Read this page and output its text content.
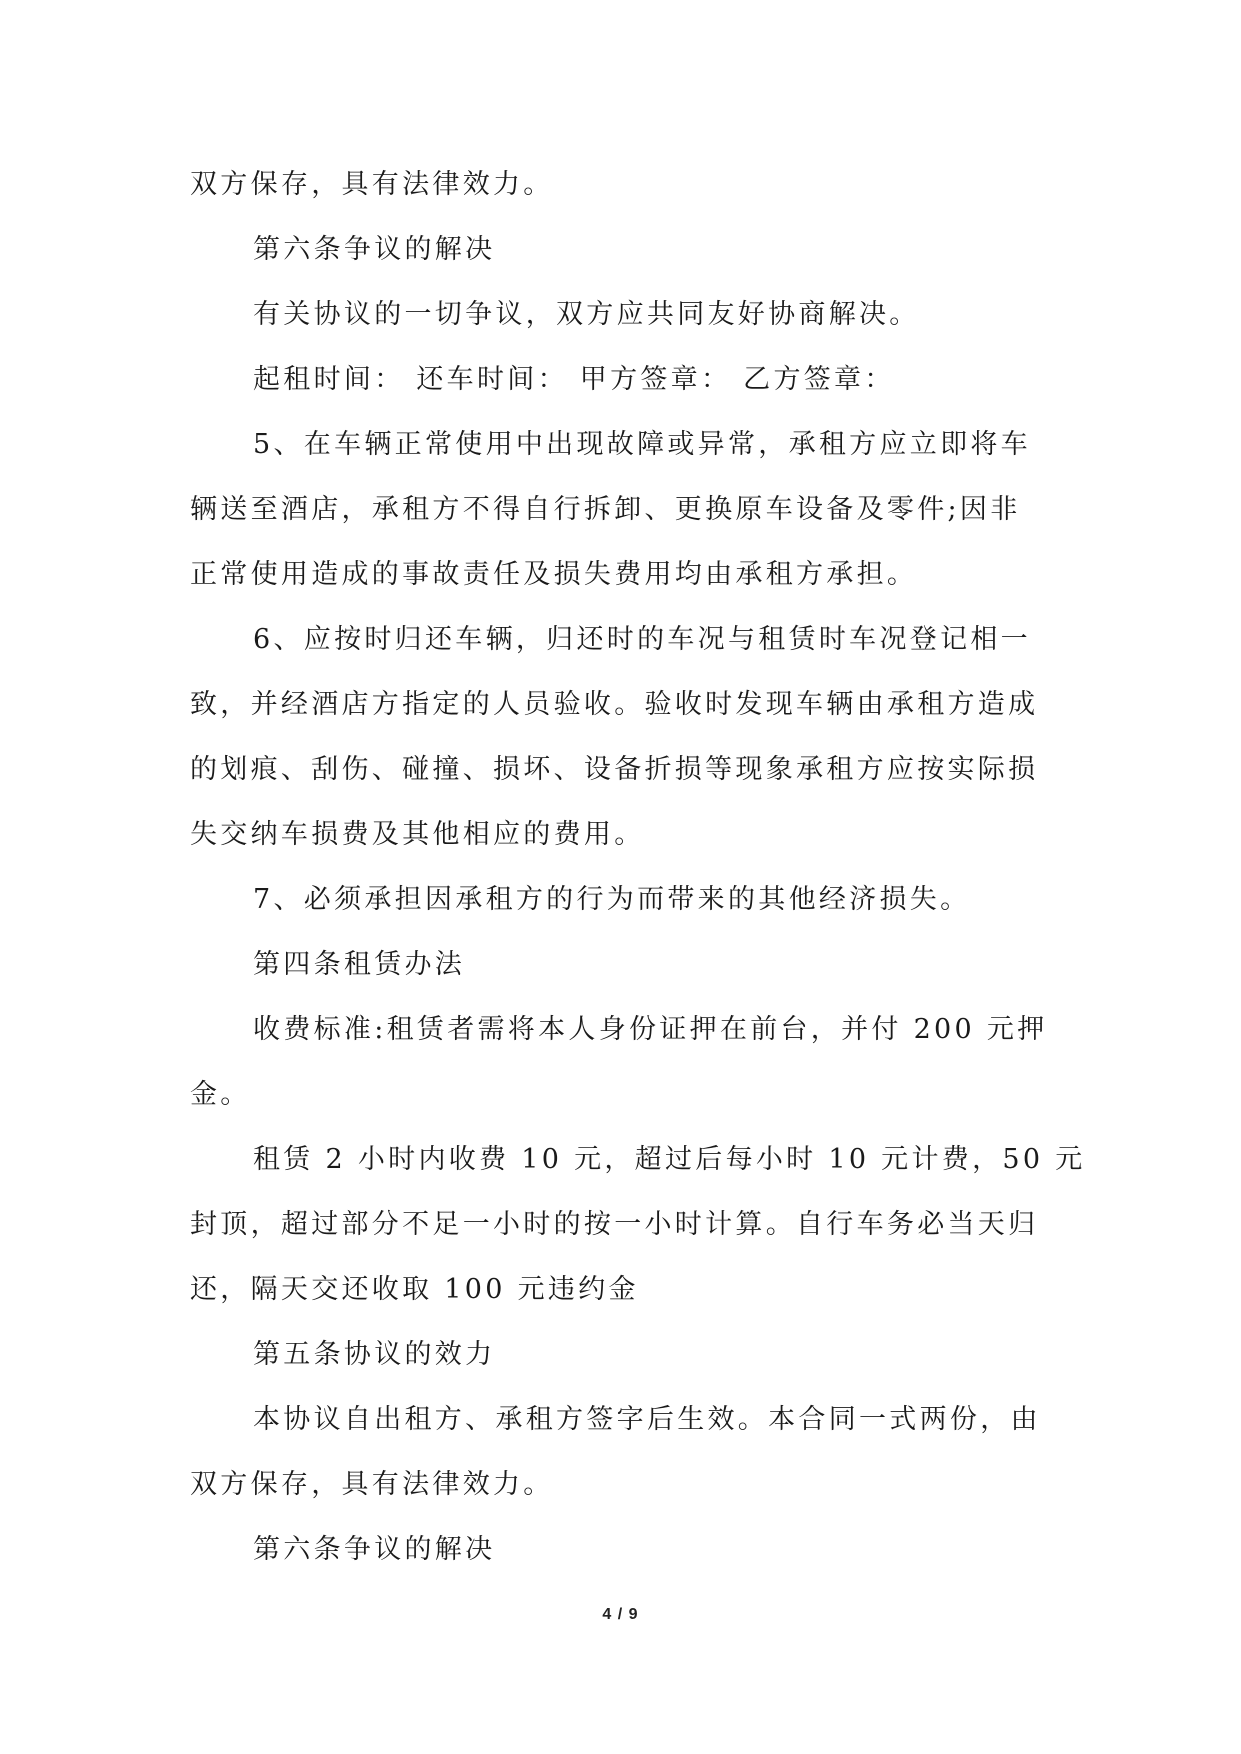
双方保存，具有法律效力。
第六条争议的解决
有关协议的一切争议，双方应共同友好协商解决。
起租时间： 还车时间： 甲方签章： 乙方签章：
5、在车辆正常使用中出现故障或异常，承租方应立即将车
辆送至酒店，承租方不得自行拆卸、更换原车设备及零件;因非
正常使用造成的事故责任及损失费用均由承租方承担。
6、应按时归还车辆，归还时的车况与租赁时车况登记相一
致，并经酒店方指定的人员验收。验收时发现车辆由承租方造成
的划痕、刮伤、碰撞、损坏、设备折损等现象承租方应按实际损
失交纳车损费及其他相应的费用。
7、必须承担因承租方的行为而带来的其他经济损失。
第四条租赁办法
收费标准:租赁者需将本人身份证押在前台，并付 200 元押
金。
租赁 2 小时内收费 10 元，超过后每小时 10 元计费，50 元
封顶，超过部分不足一小时的按一小时计算。自行车务必当天归
还，隔天交还收取 100 元违约金
第五条协议的效力
本协议自出租方、承租方签字后生效。本合同一式两份，由
双方保存，具有法律效力。
第六条争议的解决
4 / 9
